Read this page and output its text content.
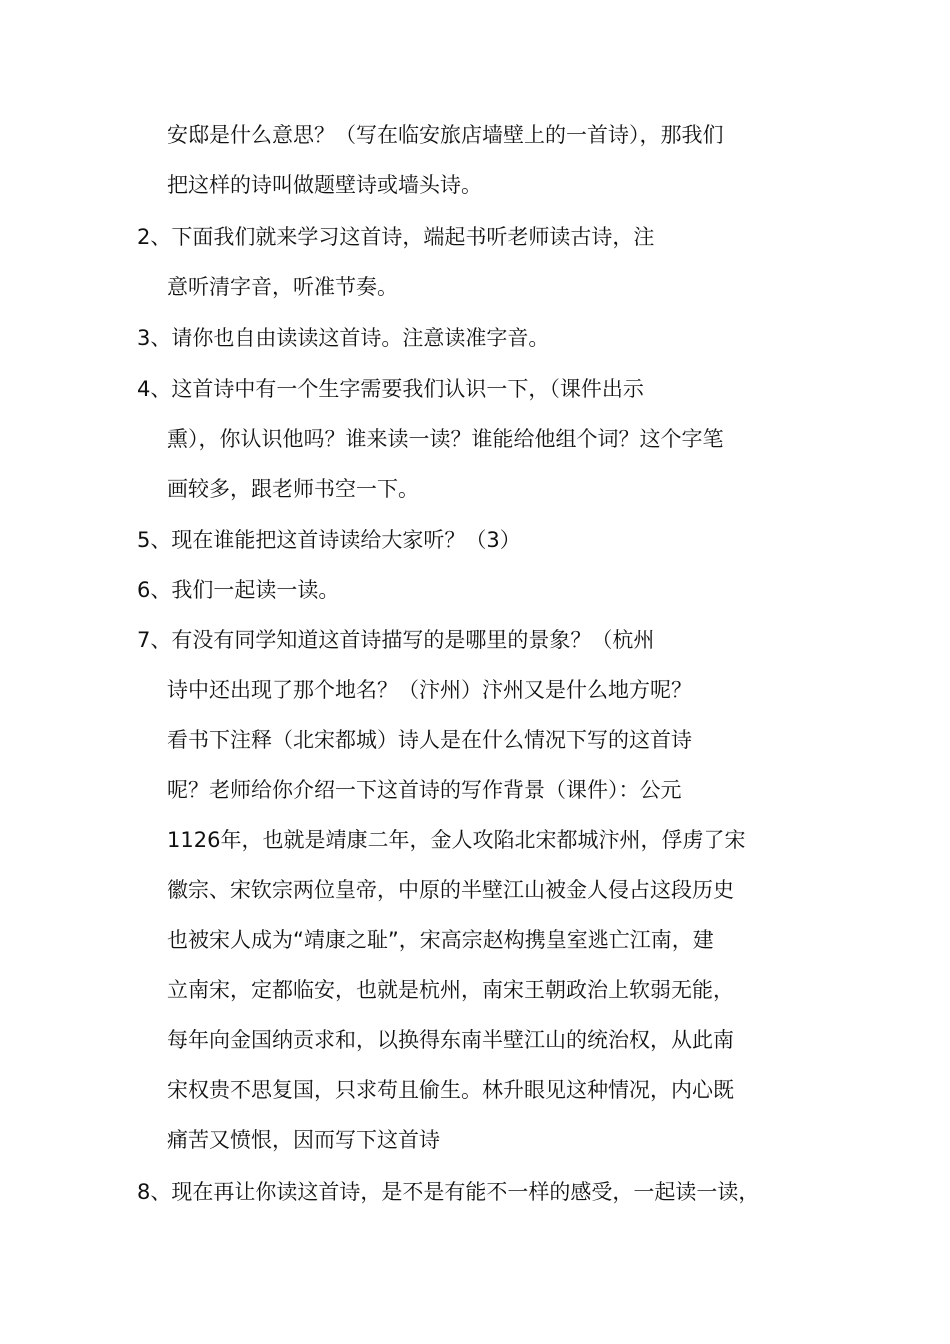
安邸是什么意思？（写在临安旅店墙壁上的一首诗），那我们
把这样的诗叫做题壁诗或墙头诗。
2、下面我们就来学习这首诗，端起书听老师读古诗，注
意听清字音，听准节奏。
3、请你也自由读读这首诗。注意读准字音。
4、这首诗中有一个生字需要我们认识一下，（课件出示
熏），你认识他吗？谁来读一读？谁能给他组个词？这个字笔
画较多，跟老师书空一下。
5、现在谁能把这首诗读给大家听？（3）
6、我们一起读一读。
7、有没有同学知道这首诗描写的是哪里的景象？（杭州
诗中还出现了那个地名？（汴州）汴州又是什么地方呢？
看书下注释（北宋都城）诗人是在什么情况下写的这首诗
呢？老师给你介绍一下这首诗的写作背景（课件）：公元
1126年，也就是靖康二年，金人攻陷北宋都城汴州，俘虏了宋
徽宗、宋钦宗两位皇帝，中原的半壁江山被金人侵占这段历史
也被宋人成为“靖康之耻”，宋高宗赵构携皇室逃亡江南，建
立南宋，定都临安，也就是杭州，南宋王朝政治上软弱无能，
每年向金国纳贡求和，以换得东南半壁江山的统治权，从此南
宋权贵不思复国，只求苟且偷生。林升眼见这种情况，内心既
痛苦又愤恨，因而写下这首诗
8、现在再让你读这首诗，是不是有能不一样的感受，一起读一读，
